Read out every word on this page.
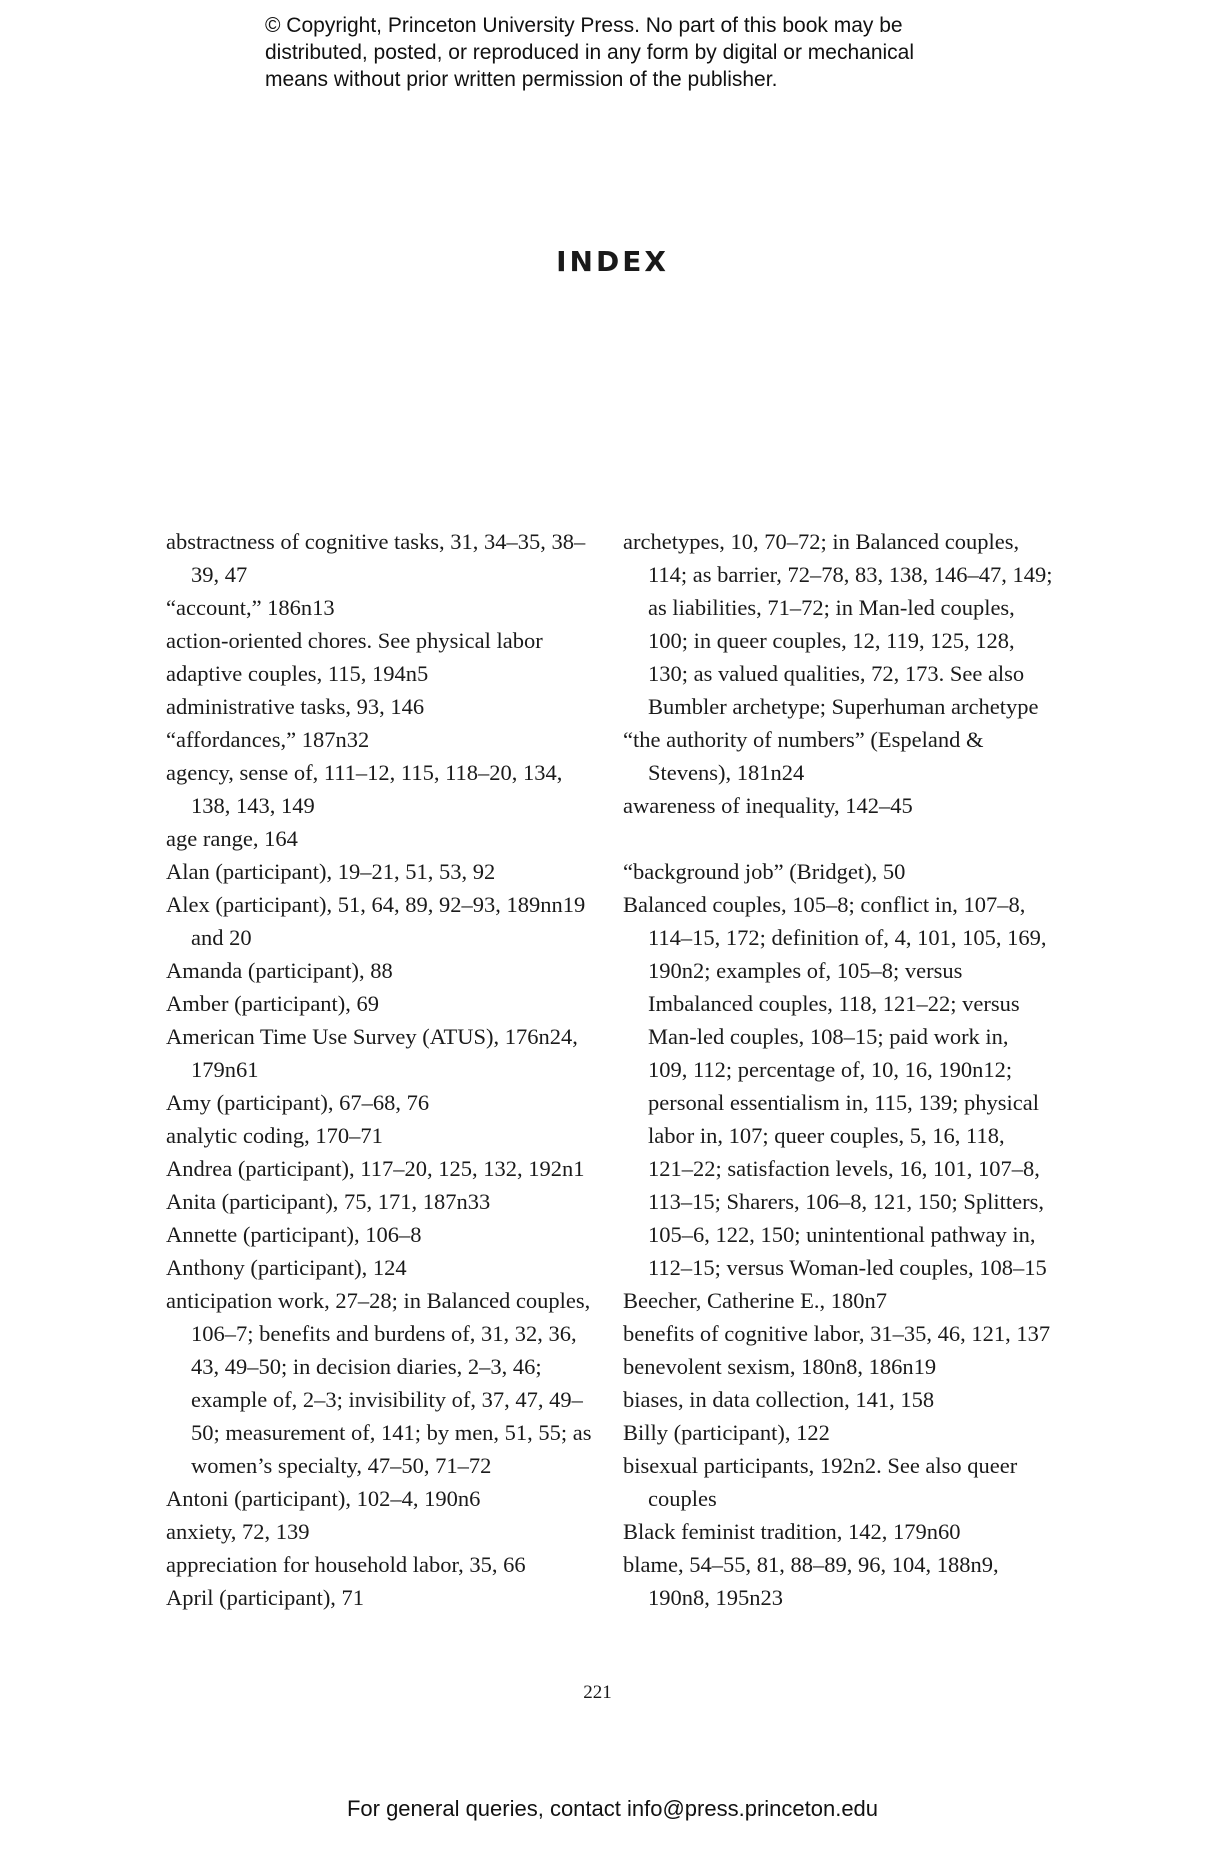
© Copyright, Princeton University Press. No part of this book may be
distributed, posted, or reproduced in any form by digital or mechanical
means without prior written permission of the publisher.
INDEX

abstractness of cognitive tasks, 31, 34–35, 38–39, 47

“account,” 186n13

action-oriented chores. See physical labor

adaptive couples, 115, 194n5

administrative tasks, 93, 146

“affordances,” 187n32

agency, sense of, 111–12, 115, 118–20, 134, 138, 143, 149

age range, 164

Alan (participant), 19–21, 51, 53, 92

Alex (participant), 51, 64, 89, 92–93, 189nn19 and 20

Amanda (participant), 88

Amber (participant), 69

American Time Use Survey (ATUS), 176n24, 179n61

Amy (participant), 67–68, 76

analytic coding, 170–71

Andrea (participant), 117–20, 125, 132, 192n1

Anita (participant), 75, 171, 187n33

Annette (participant), 106–8

Anthony (participant), 124

anticipation work, 27–28; in Balanced couples, 106–7; benefits and burdens of, 31, 32, 36, 43, 49–50; in decision diaries, 2–3, 46; example of, 2–3; invisibility of, 37, 47, 49–50; measurement of, 141; by men, 51, 55; as women’s specialty, 47–50, 71–72

Antoni (participant), 102–4, 190n6

anxiety, 72, 139

appreciation for household labor, 35, 66

April (participant), 71

archetypes, 10, 70–72; in Balanced couples, 114; as barrier, 72–78, 83, 138, 146–47, 149; as liabilities, 71–72; in Man-led couples, 100; in queer couples, 12, 119, 125, 128, 130; as valued qualities, 72, 173. See also Bumbler archetype; Superhuman archetype

“the authority of numbers” (Espeland & Stevens), 181n24

awareness of inequality, 142–45

“background job” (Bridget), 50

Balanced couples, 105–8; conflict in, 107–8, 114–15, 172; definition of, 4, 101, 105, 169, 190n2; examples of, 105–8; versus Imbalanced couples, 118, 121–22; versus Man-led couples, 108–15; paid work in, 109, 112; percentage of, 10, 16, 190n12; personal essentialism in, 115, 139; physical labor in, 107; queer couples, 5, 16, 118, 121–22; satisfaction levels, 16, 101, 107–8, 113–15; Sharers, 106–8, 121, 150; Splitters, 105–6, 122, 150; unintentional pathway in, 112–15; versus Woman-led couples, 108–15

Beecher, Catherine E., 180n7

benefits of cognitive labor, 31–35, 46, 121, 137

benevolent sexism, 180n8, 186n19

biases, in data collection, 141, 158

Billy (participant), 122

bisexual participants, 192n2. See also queer couples

Black feminist tradition, 142, 179n60

blame, 54–55, 81, 88–89, 96, 104, 188n9, 190n8, 195n23

221
For general queries, contact info@press.princeton.edu
